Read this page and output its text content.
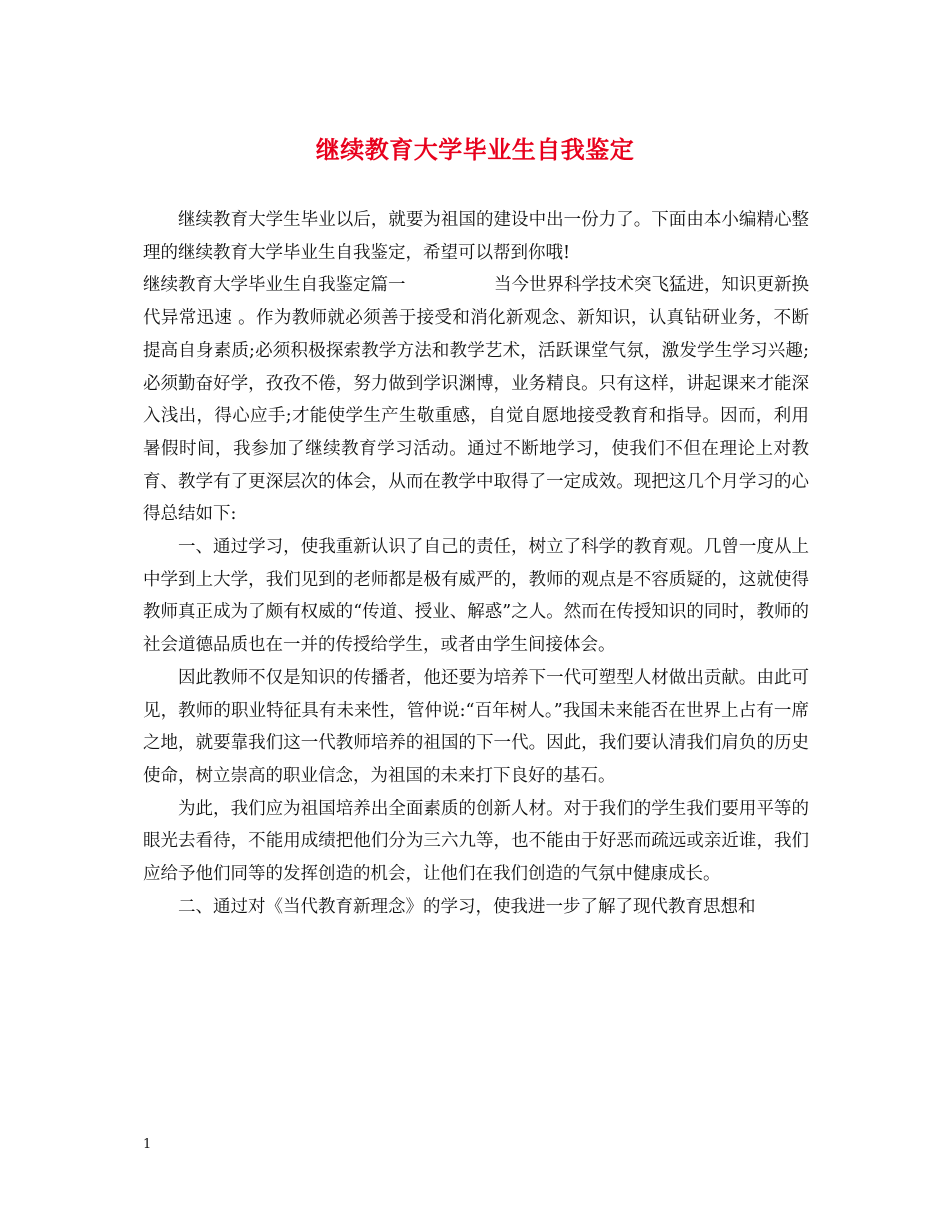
继续教育大学毕业生自我鉴定

继续教育大学生毕业以后，就要为祖国的建设中出一份力了。下面由本小编精心整理的继续教育大学毕业生自我鉴定，希望可以帮到你哦!

继续教育大学毕业生自我鉴定篇一	当今世界科学技术突飞猛进，知识更新换

代异常迅速 。作为教师就必须善于接受和消化新观念、新知识，认真钻研业务，不断提高自身素质;必须积极探索教学方法和教学艺术，活跃课堂气氛，激发学生学习兴趣;必须勤奋好学，孜孜不倦，努力做到学识渊博，业务精良。只有这样，讲起课来才能深入浅出，得心应手;才能使学生产生敬重感，自觉自愿地接受教育和指导。因而，利用暑假时间，我参加了继续教育学习活动。通过不断地学习，使我们不但在理论上对教育、教学有了更深层次的体会，从而在教学中取得了一定成效。现把这几个月学习的心得总结如下:

一、通过学习，使我重新认识了自己的责任，树立了科学的教育观。几曾一度从上中学到上大学，我们见到的老师都是极有威严的，教师的观点是不容质疑的，这就使得教师真正成为了颇有权威的“传道、授业、解惑”之人。然而在传授知识的同时，教师的社会道德品质也在一并的传授给学生，或者由学生间接体会。

因此教师不仅是知识的传播者，他还要为培养下一代可塑型人材做出贡献。由此可见，教师的职业特征具有未来性，管仲说:“百年树人。”我国未来能否在世界上占有一席之地，就要靠我们这一代教师培养的祖国的下一代。因此，我们要认清我们肩负的历史使命，树立崇高的职业信念，为祖国的未来打下良好的基石。

为此，我们应为祖国培养出全面素质的创新人材。对于我们的学生我们要用平等的眼光去看待，不能用成绩把他们分为三六九等，也不能由于好恶而疏远或亲近谁，我们应给予他们同等的发挥创造的机会，让他们在我们创造的气氛中健康成长。

二、通过对《当代教育新理念》的学习，使我进一步了解了现代教育思想和

1
